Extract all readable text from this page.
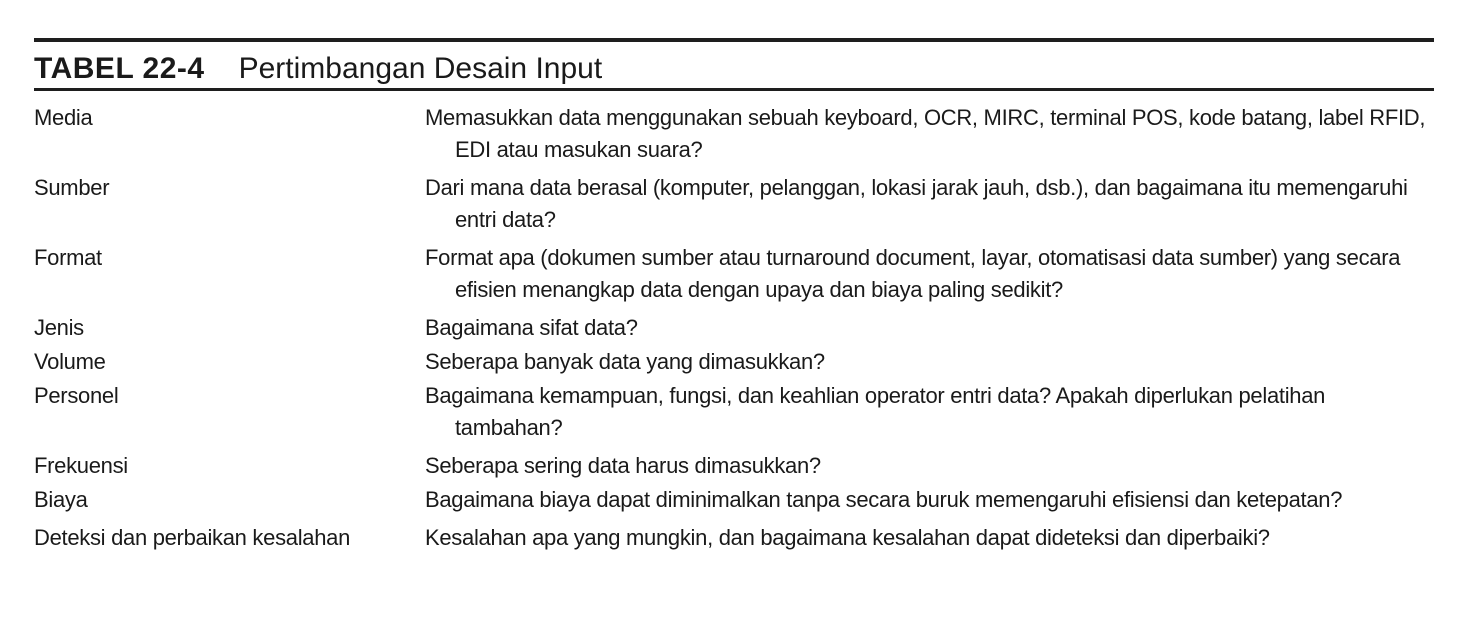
TABEL 22-4 Pertimbangan Desain Input
Media	Memasukkan data menggunakan sebuah keyboard, OCR, MIRC, terminal POS, kode batang, label RFID, EDI atau masukan suara?
Sumber	Dari mana data berasal (komputer, pelanggan, lokasi jarak jauh, dsb.), dan bagaimana itu memengaruhi entri data?
Format	Format apa (dokumen sumber atau turnaround document, layar, otomatisasi data sumber) yang secara efisien menangkap data dengan upaya dan biaya paling sedikit?
Jenis	Bagaimana sifat data?
Volume	Seberapa banyak data yang dimasukkan?
Personel	Bagaimana kemampuan, fungsi, dan keahlian operator entri data? Apakah diperlukan pelatihan tambahan?
Frekuensi	Seberapa sering data harus dimasukkan?
Biaya	Bagaimana biaya dapat diminimalkan tanpa secara buruk memengaruhi efisiensi dan ketepatan?
Deteksi dan perbaikan kesalahan	Kesalahan apa yang mungkin, dan bagaimana kesalahan dapat dideteksi dan diperbaiki?
